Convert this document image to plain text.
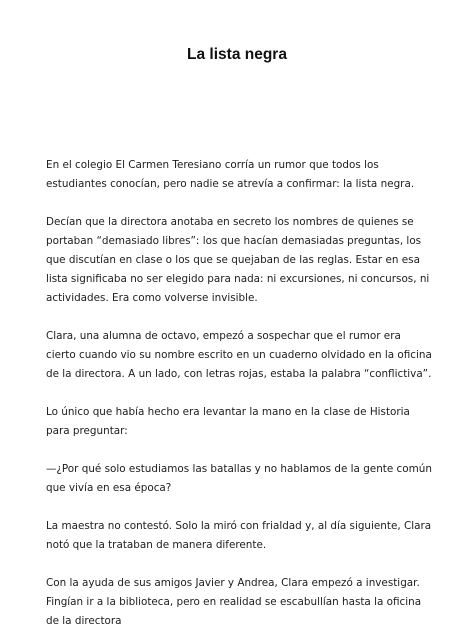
La lista negra

En el colegio El Carmen Teresiano corría un rumor que todos los estudiantes conocían, pero nadie se atrevía a confirmar: la lista negra.

Decían que la directora anotaba en secreto los nombres de quienes se portaban “demasiado libres”: los que hacían demasiadas preguntas, los que discutían en clase o los que se quejaban de las reglas. Estar en esa lista significaba no ser elegido para nada: ni excursiones, ni concursos, ni actividades. Era como volverse invisible.

Clara, una alumna de octavo, empezó a sospechar que el rumor era cierto cuando vio su nombre escrito en un cuaderno olvidado en la oficina de la directora. A un lado, con letras rojas, estaba la palabra “conflictiva”.

Lo único que había hecho era levantar la mano en la clase de Historia para preguntar:

—¿Por qué solo estudiamos las batallas y no hablamos de la gente común que vivía en esa época?

La maestra no contestó. Solo la miró con frialdad y, al día siguiente, Clara notó que la trataban de manera diferente.

Con la ayuda de sus amigos Javier y Andrea, Clara empezó a investigar. Fingían ir a la biblioteca, pero en realidad se escabullían hasta la oficina de la directora
